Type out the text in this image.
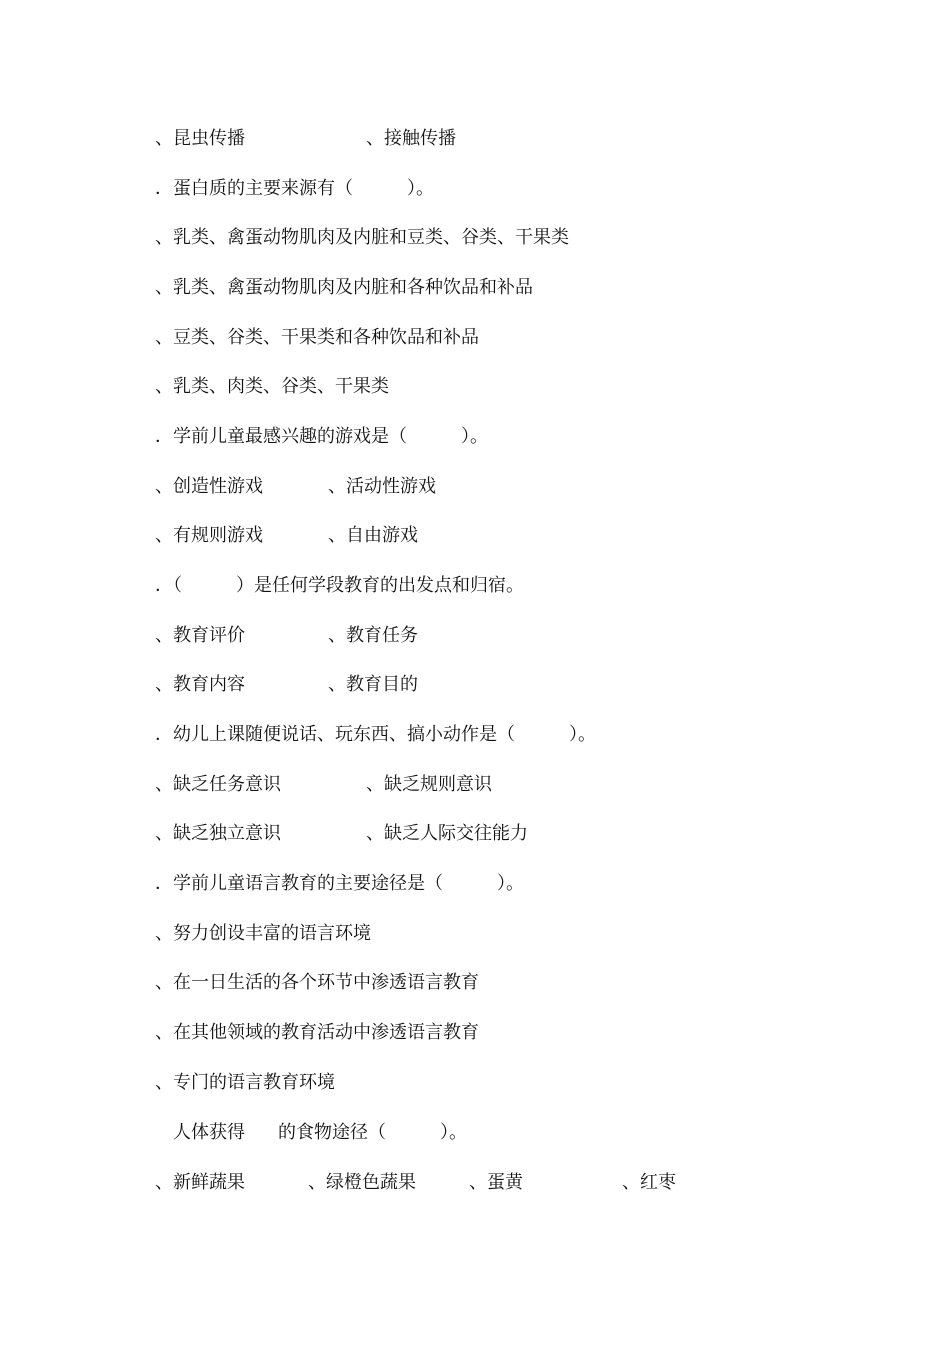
、昆虫传播

	、接触传播

．蛋白质的主要来源有（　　　）。

、乳类、禽蛋动物肌肉及内脏和豆类、谷类、干果类

、乳类、禽蛋动物肌肉及内脏和各种饮品和补品

、豆类、谷类、干果类和各种饮品和补品

、乳类、肉类、谷类、干果类

．学前儿童最感兴趣的游戏是（　　　）。

、创造性游戏

	、活动性游戏

、有规则游戏

	、自由游戏

．（　　　）是任何学段教育的出发点和归宿。

、教育评价

	、教育任务

、教育内容

	、教育目的

．幼儿上课随便说话、玩东西、搞小动作是（　　　）。

、缺乏任务意识

	、缺乏规则意识

、缺乏独立意识

	、缺乏人际交往能力

．学前儿童语言教育的主要途径是（　　　）。

、努力创设丰富的语言环境

、在一日生活的各个环节中渗透语言教育

、在其他领域的教育活动中渗透语言教育

、专门的语言教育环境

人体获得

的食物途径（　　　）。

、新鲜蔬果

	、绿橙色蔬果

	、蛋黄

	、红枣
